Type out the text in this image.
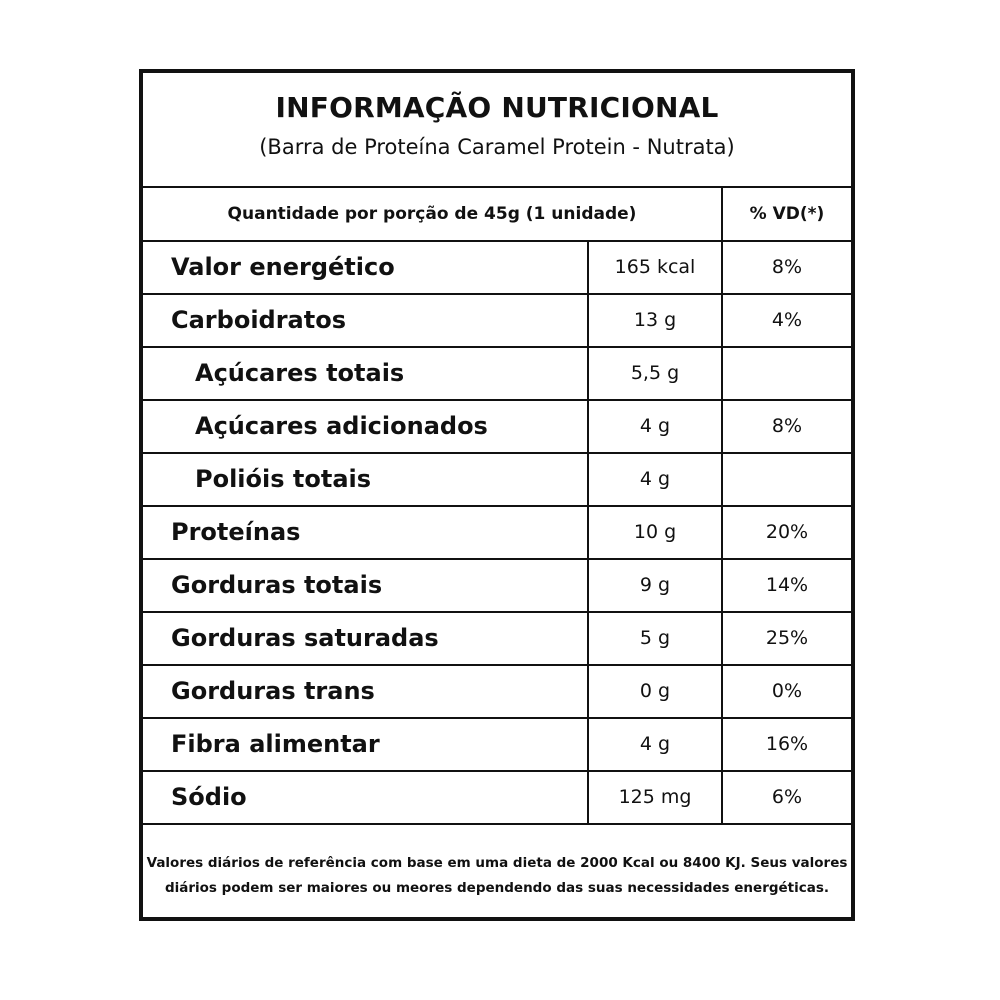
INFORMAÇÃO NUTRICIONAL
(Barra de Proteína Caramel Protein - Nutrata)
Quantidade por porção de 45g (1 unidade)	% VD(*)
Valor energético	165 kcal	8%
Carboidratos	13 g	4%
Açúcares totais	5,5 g
Açúcares adicionados	4 g	8%
Polióis totais	4 g
Proteínas	10 g	20%
Gorduras totais	9 g	14%
Gorduras saturadas	5 g	25%
Gorduras trans	0 g	0%
Fibra alimentar	4 g	16%
Sódio	125 mg	6%
Valores diários de referência com base em uma dieta de 2000 Kcal ou 8400 KJ. Seus valores
diários podem ser maiores ou meores dependendo das suas necessidades energéticas.
